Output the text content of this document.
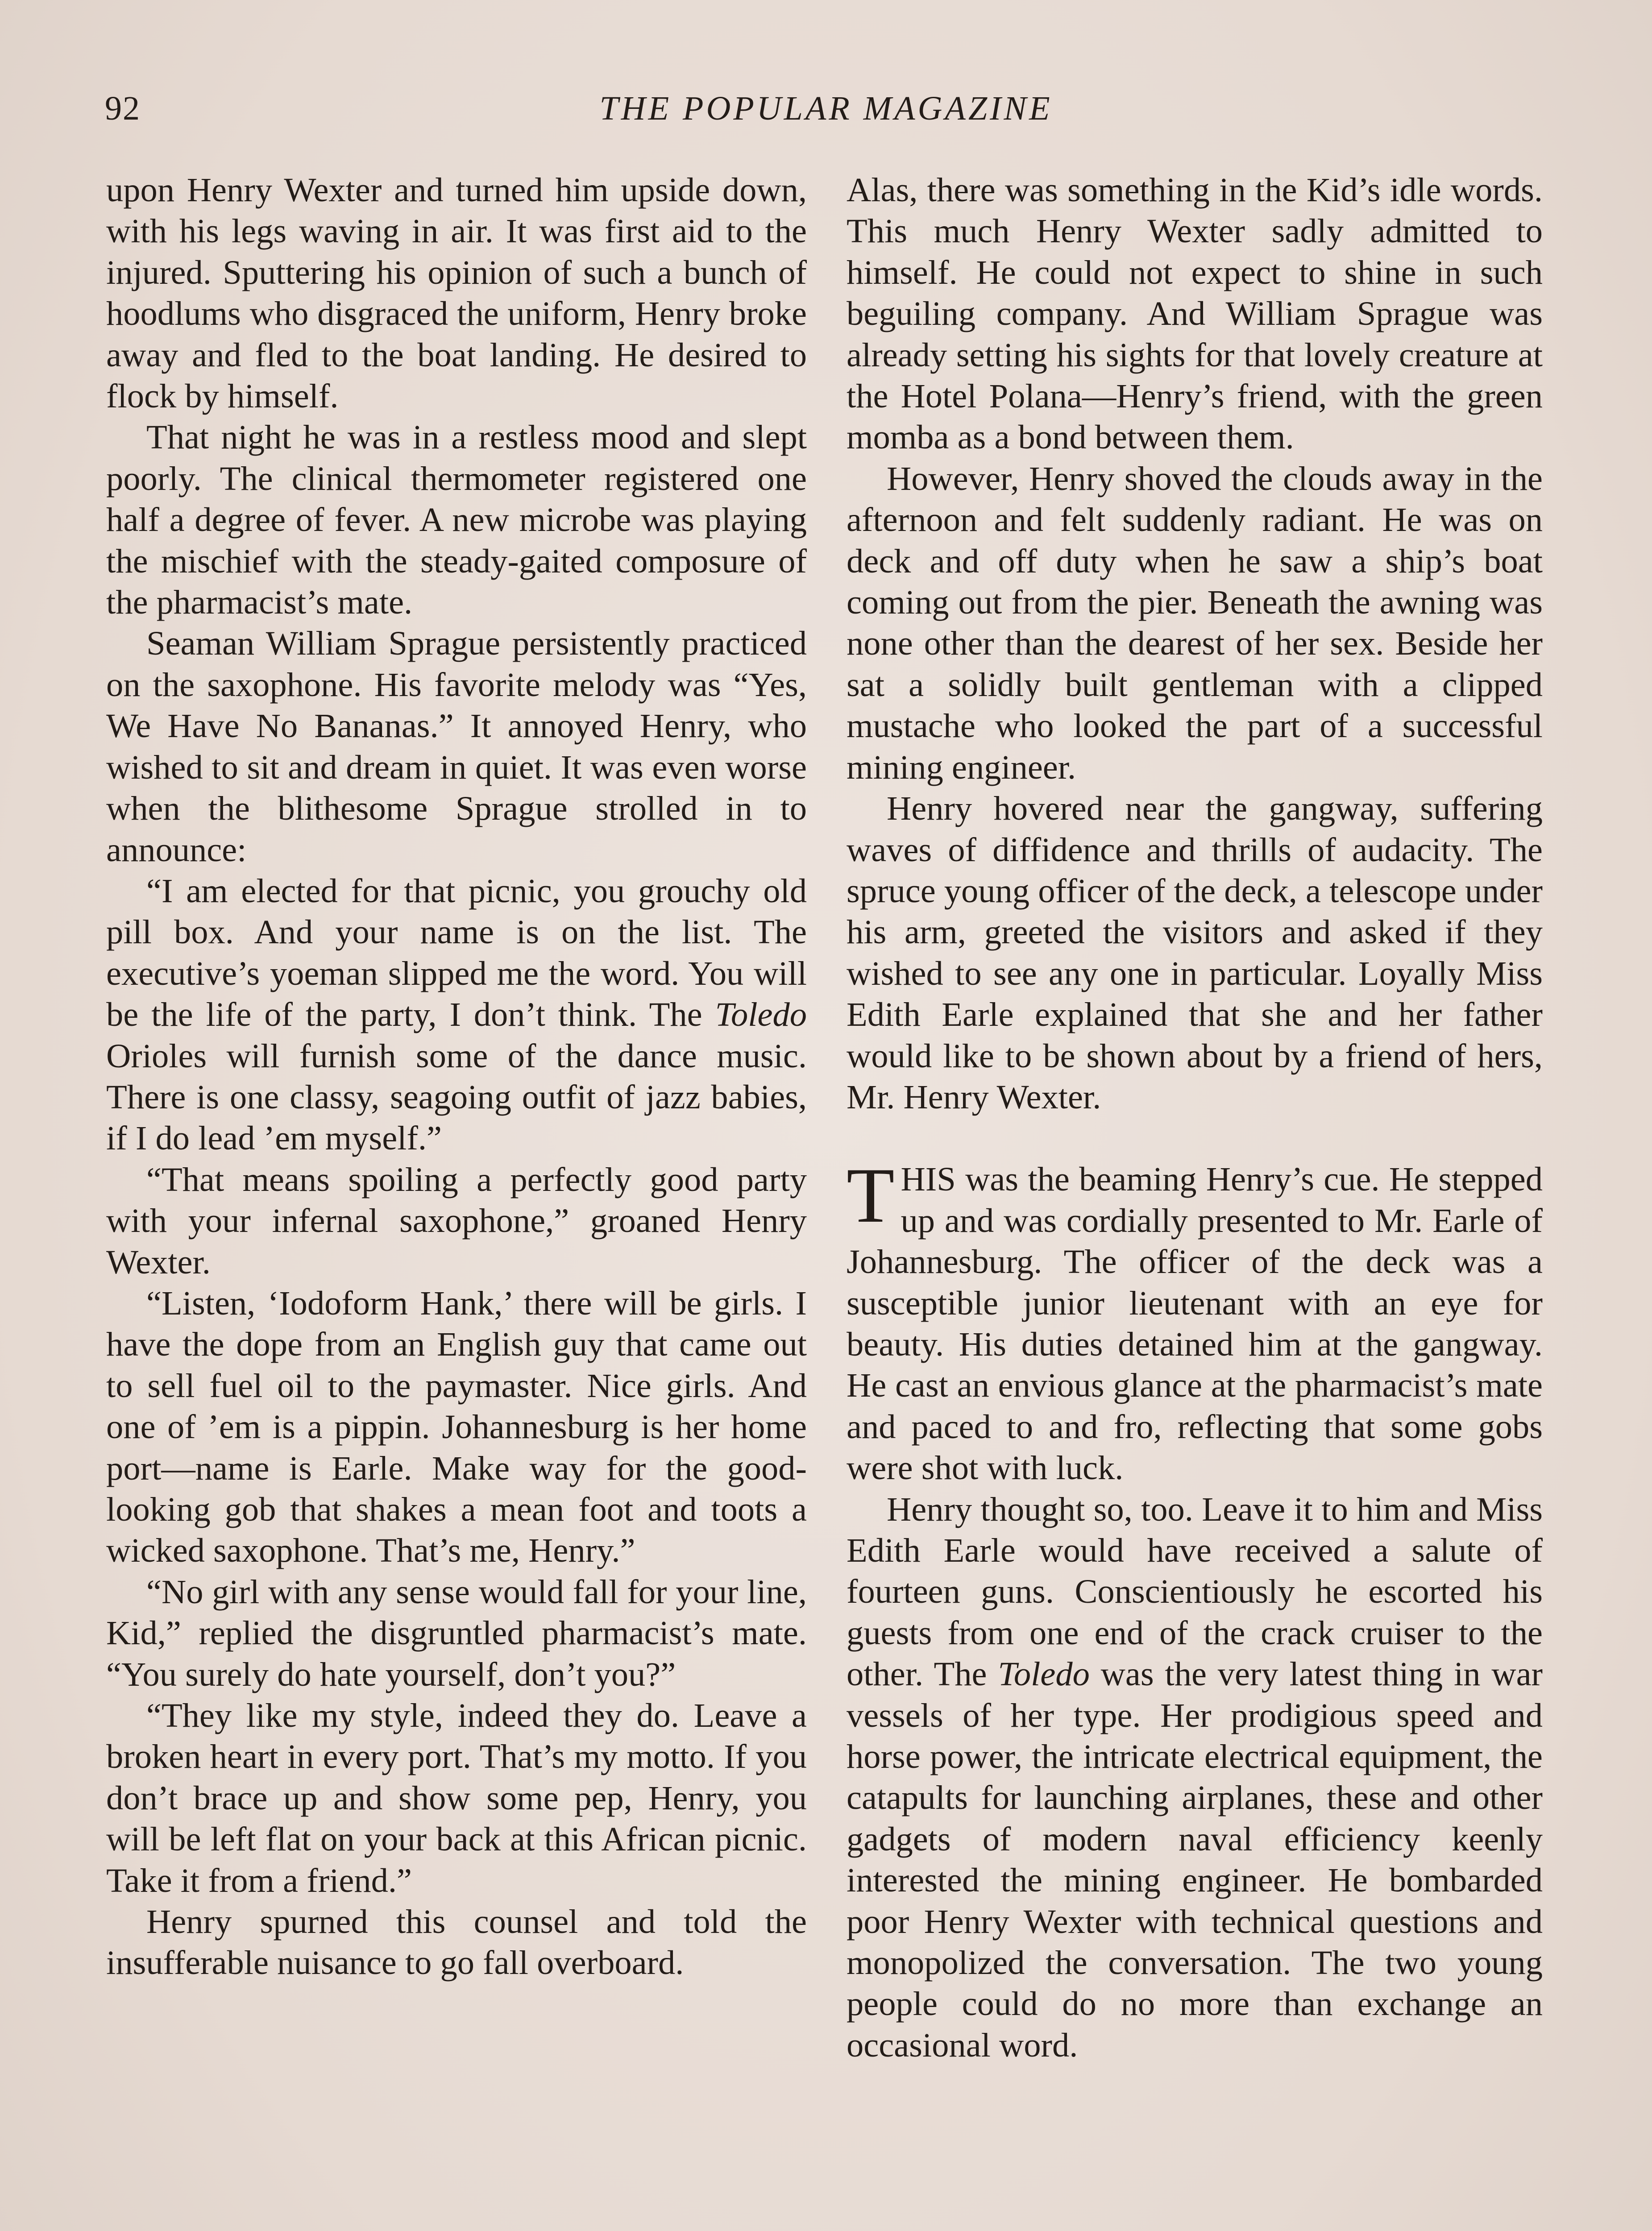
92	THE POPULAR MAGAZINE

upon Henry Wexter and turned him upside down, with his legs waving in air. It was first aid to the injured. Sputtering his opinion of such a bunch of hoodlums who disgraced the uniform, Henry broke away and fled to the boat landing. He desired to flock by himself.

That night he was in a restless mood and slept poorly. The clinical thermometer registered one half a degree of fever. A new microbe was playing the mischief with the steady-gaited composure of the pharmacist’s mate.

Seaman William Sprague persistently practiced on the saxophone. His favorite melody was “Yes, We Have No Bananas.” It annoyed Henry, who wished to sit and dream in quiet. It was even worse when the blithesome Sprague strolled in to announce:

“I am elected for that picnic, you grouchy old pill box. And your name is on the list. The executive’s yoeman slipped me the word. You will be the life of the party, I don’t think. The Toledo Orioles will furnish some of the dance music. There is one classy, seagoing outfit of jazz babies, if I do lead ’em myself.”

“That means spoiling a perfectly good party with your infernal saxophone,” groaned Henry Wexter.

“Listen, ‘Iodoform Hank,’ there will be girls. I have the dope from an English guy that came out to sell fuel oil to the paymaster. Nice girls. And one of ’em is a pippin. Johannesburg is her home port—name is Earle. Make way for the good-looking gob that shakes a mean foot and toots a wicked saxophone. That’s me, Henry.”

“No girl with any sense would fall for your line, Kid,” replied the disgruntled pharmacist’s mate. “You surely do hate yourself, don’t you?”

“They like my style, indeed they do. Leave a broken heart in every port. That’s my motto. If you don’t brace up and show some pep, Henry, you will be left flat on your back at this African picnic. Take it from a friend.”

Henry spurned this counsel and told the insufferable nuisance to go fall overboard.

Alas, there was something in the Kid’s idle words. This much Henry Wexter sadly admitted to himself. He could not expect to shine in such beguiling company. And William Sprague was already setting his sights for that lovely creature at the Hotel Polana—Henry’s friend, with the green momba as a bond between them.

However, Henry shoved the clouds away in the afternoon and felt suddenly radiant. He was on deck and off duty when he saw a ship’s boat coming out from the pier. Beneath the awning was none other than the dearest of her sex. Beside her sat a solidly built gentleman with a clipped mustache who looked the part of a successful mining engineer.

Henry hovered near the gangway, suffering waves of diffidence and thrills of audacity. The spruce young officer of the deck, a telescope under his arm, greeted the visitors and asked if they wished to see any one in particular. Loyally Miss Edith Earle explained that she and her father would like to be shown about by a friend of hers, Mr. Henry Wexter.

THIS was the beaming Henry’s cue. He stepped up and was cordially presented to Mr. Earle of Johannesburg. The officer of the deck was a susceptible junior lieutenant with an eye for beauty. His duties detained him at the gangway. He cast an envious glance at the pharmacist’s mate and paced to and fro, reflecting that some gobs were shot with luck.

Henry thought so, too. Leave it to him and Miss Edith Earle would have received a salute of fourteen guns. Conscientiously he escorted his guests from one end of the crack cruiser to the other. The Toledo was the very latest thing in war vessels of her type. Her prodigious speed and horse power, the intricate electrical equipment, the catapults for launching airplanes, these and other gadgets of modern naval efficiency keenly interested the mining engineer. He bombarded poor Henry Wexter with technical questions and monopolized the conversation. The two young people could do no more than exchange an occasional word.
